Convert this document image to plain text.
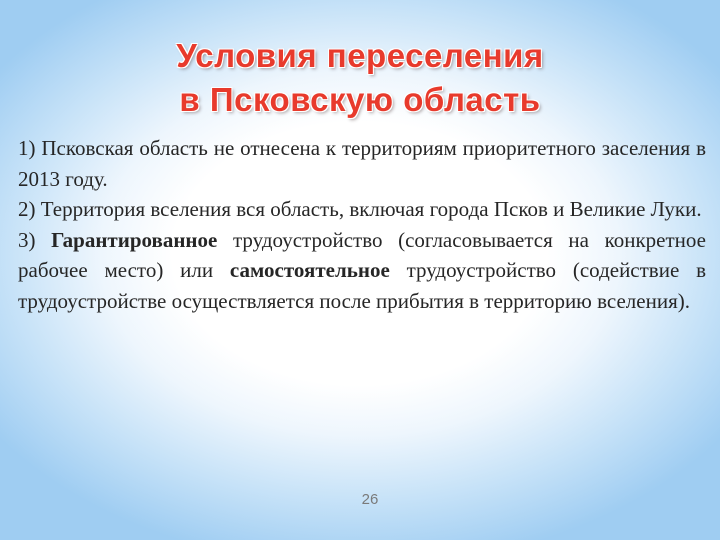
Условия переселения
в Псковскую область

1) Псковская область не отнесена к территориям приоритетного заселения в 2013 году.

2) Территория вселения вся область, включая города Псков и Великие Луки.

3) Гарантированное трудоустройство (согласовывается на конкретное рабочее место) или самостоятельное трудоустройство (содействие в трудоустройстве осуществляется после прибытия в территорию вселения).

26
